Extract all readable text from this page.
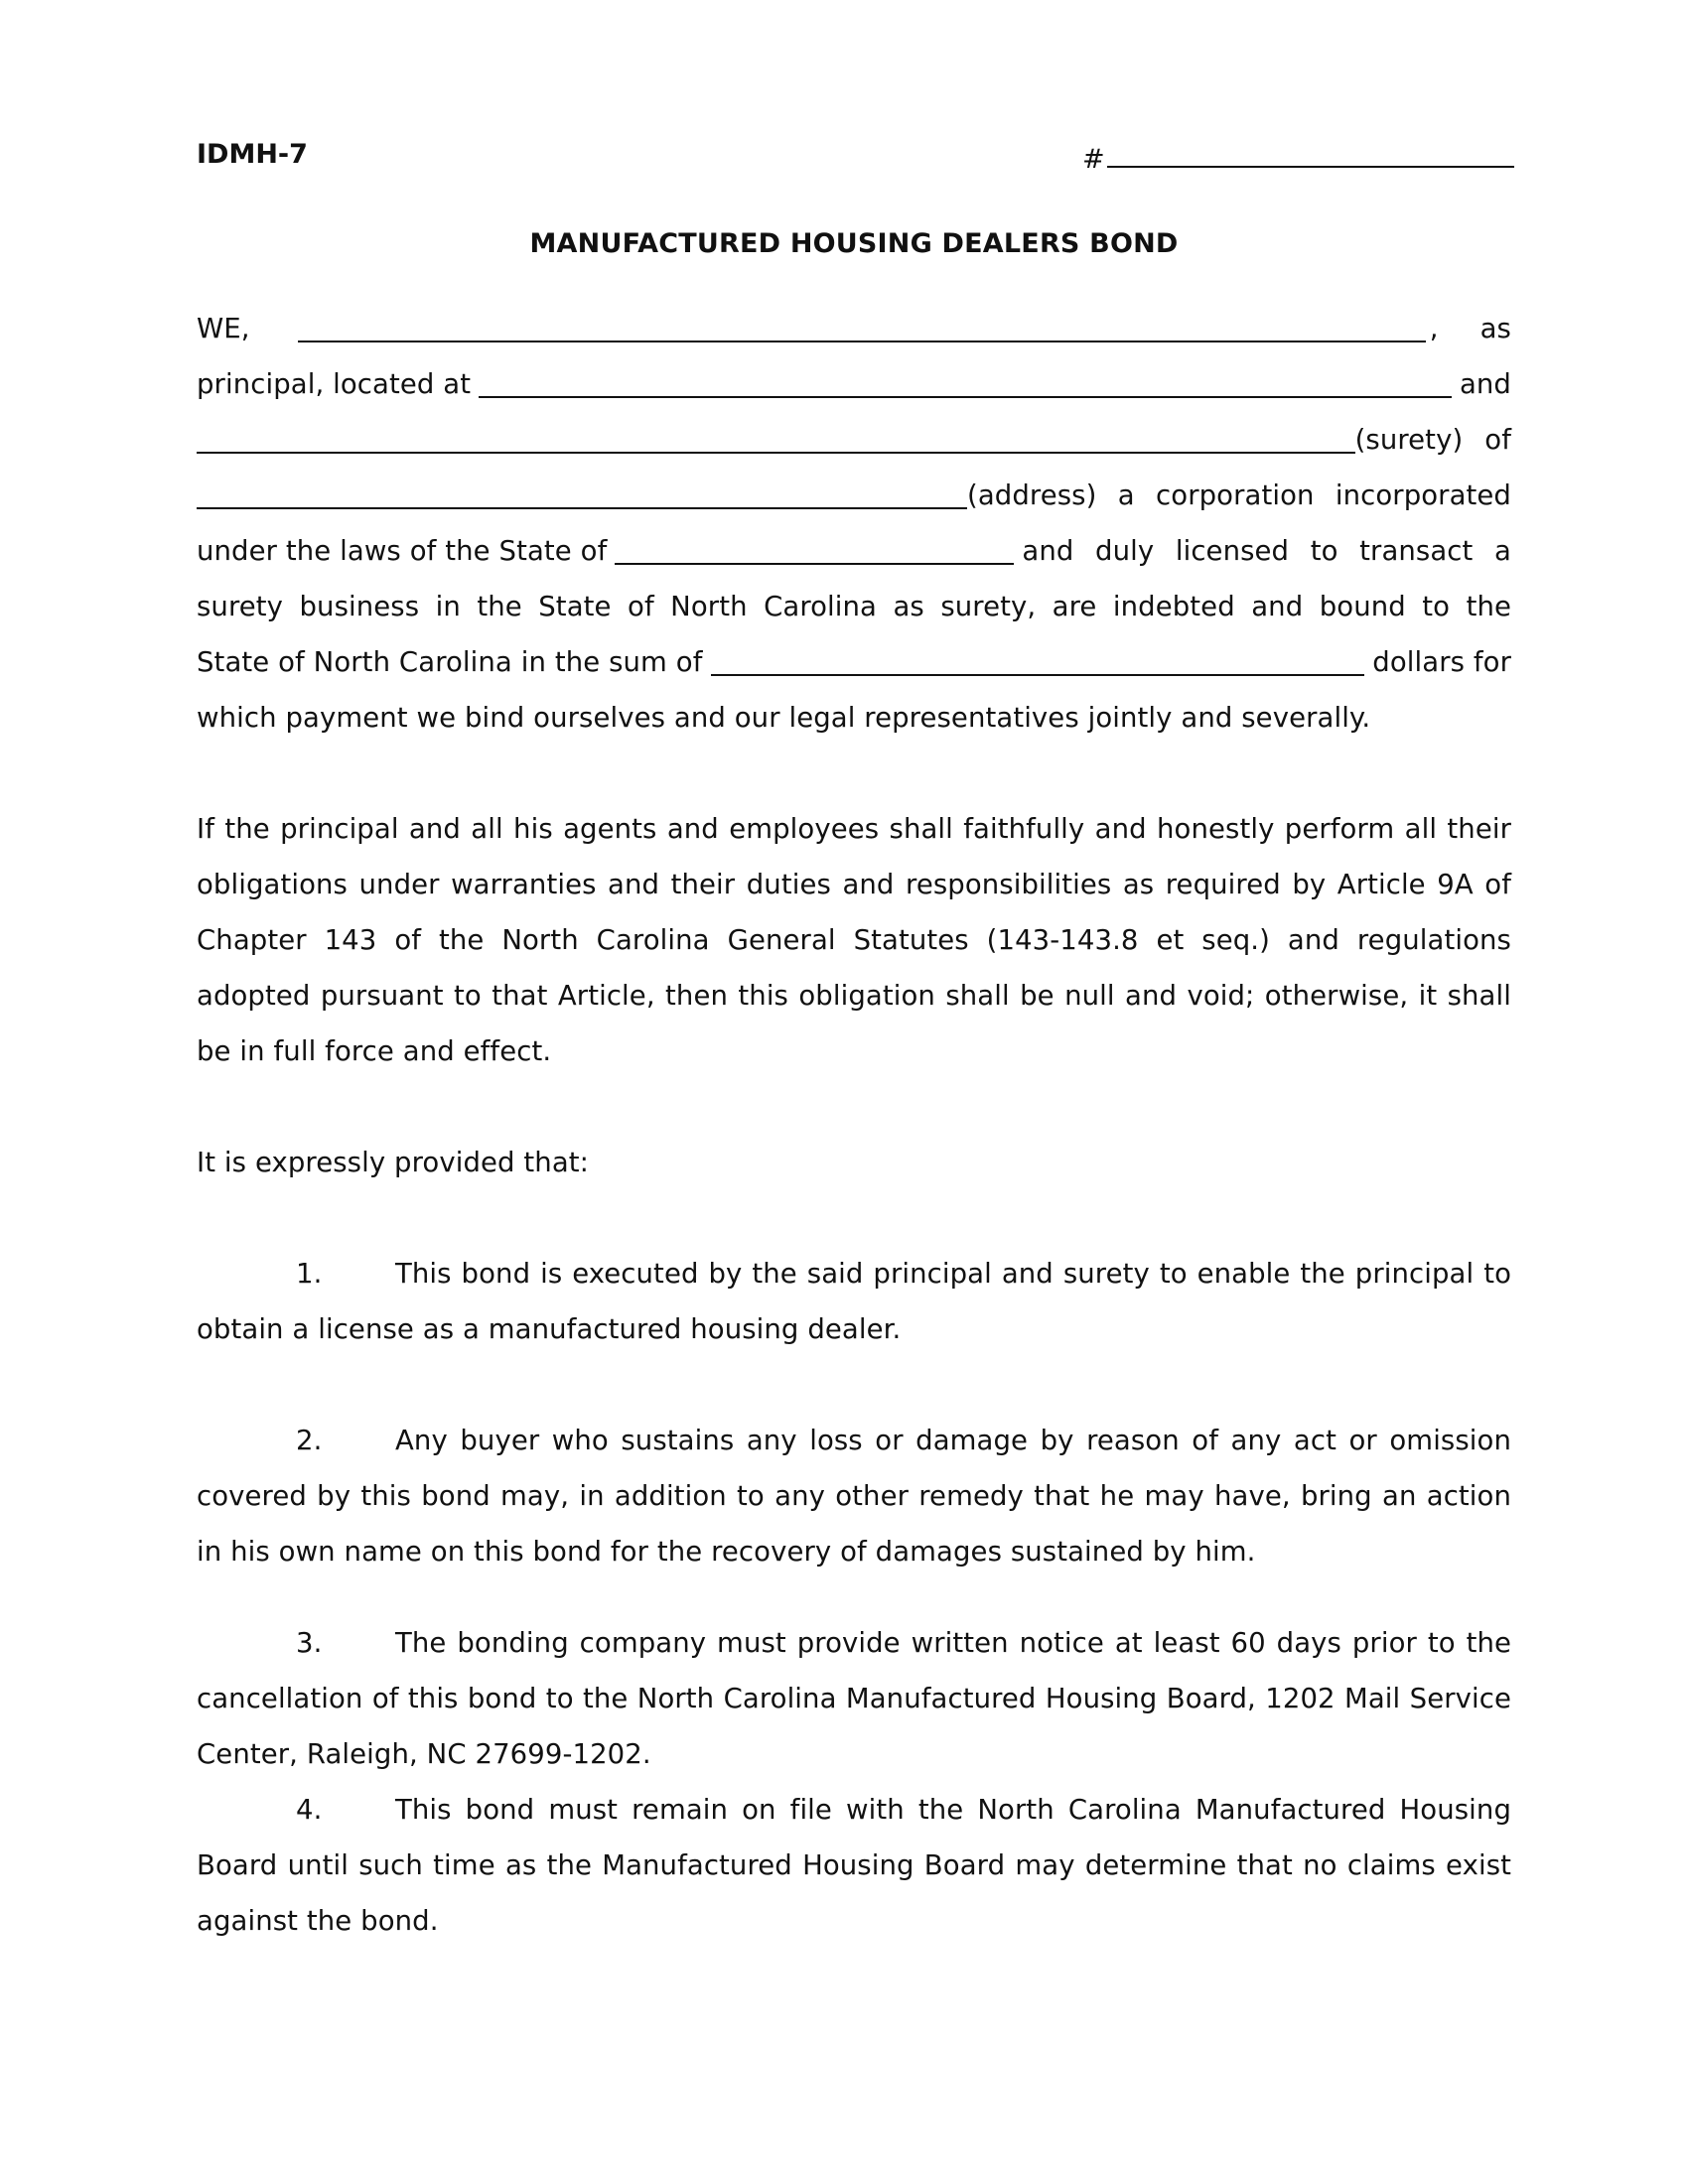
IDMH-7	#
MANUFACTURED HOUSING DEALERS BOND
WE,	, as
principal, located at	and
(surety) of
(address) a corporation incorporated
under the laws of the State of	and duly licensed to transact a
surety business in the State of North Carolina as surety, are indebted and bound to the
State of North Carolina in the sum of	dollars for
which payment we bind ourselves and our legal representatives jointly and severally.
If the principal and all his agents and employees shall faithfully and honestly perform all their obligations under warranties and their duties and responsibilities as required by Article 9A of Chapter 143 of the North Carolina General Statutes (143-143.8 et seq.) and regulations adopted pursuant to that Article, then this obligation shall be null and void; otherwise, it shall be in full force and effect.
It is expressly provided that:
1.	This bond is executed by the said principal and surety to enable the principal to obtain a license as a manufactured housing dealer.
2.	Any buyer who sustains any loss or damage by reason of any act or omission covered by this bond may, in addition to any other remedy that he may have, bring an action in his own name on this bond for the recovery of damages sustained by him.
3.	The bonding company must provide written notice at least 60 days prior to the cancellation of this bond to the North Carolina Manufactured Housing Board, 1202 Mail Service Center, Raleigh, NC 27699-1202.
4.	This bond must remain on file with the North Carolina Manufactured Housing Board until such time as the Manufactured Housing Board may determine that no claims exist against the bond.
